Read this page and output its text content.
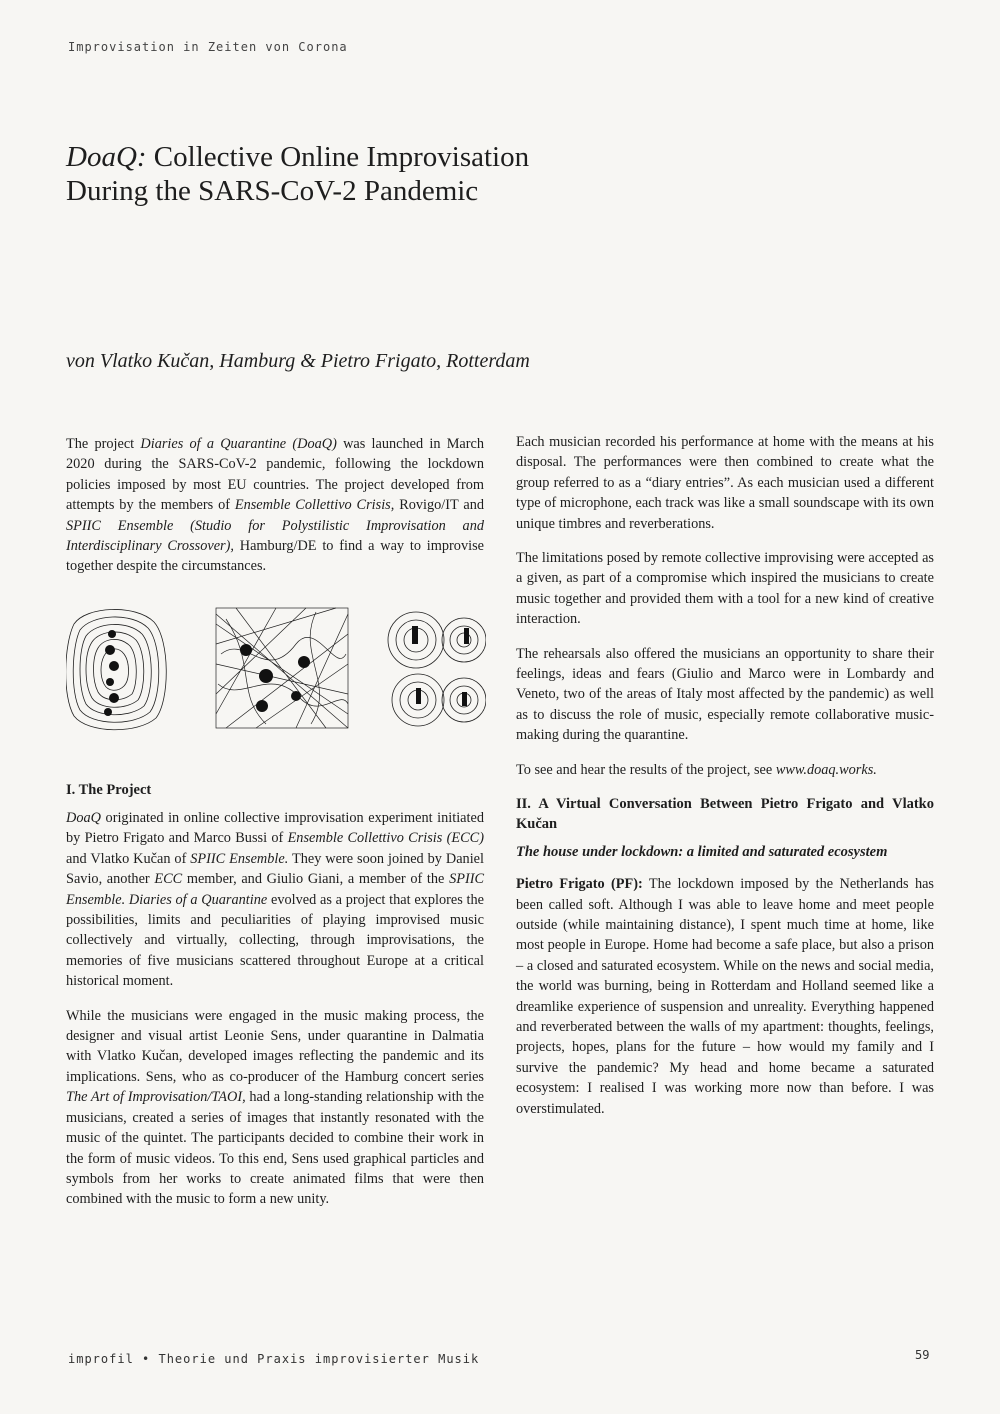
Improvisation in Zeiten von Corona
DoaQ: Collective Online Improvisation
During the SARS-CoV-2 Pandemic

von Vlatko Kučan, Hamburg & Pietro Frigato, Rotterdam

The project Diaries of a Quarantine (DoaQ) was launched in March 2020 during the SARS-CoV-2 pandemic, following the lockdown policies imposed by most EU countries. The project developed from attempts by the members of Ensemble Collettivo Crisis, Rovigo/IT and SPIIC Ensemble (Studio for Polystilistic Improvisation and Interdisciplinary Crossover), Hamburg/DE to find a way to improvise together despite the circumstances.

I. The Project

DoaQ originated in online collective improvisation experiment initiated by Pietro Frigato and Marco Bussi of Ensemble Collettivo Crisis (ECC) and Vlatko Kučan of SPIIC Ensemble. They were soon joined by Daniel Savio, another ECC member, and Giulio Giani, a member of the SPIIC Ensemble. Diaries of a Quarantine evolved as a project that explores the possibilities, limits and peculiarities of playing improvised music collectively and virtually, collecting, through improvisations, the memories of five musicians scattered throughout Europe at a critical historical moment.

While the musicians were engaged in the music making process, the designer and visual artist Leonie Sens, under quarantine in Dalmatia with Vlatko Kučan, developed images reflecting the pandemic and its implications. Sens, who as co-producer of the Hamburg concert series The Art of Improvisation/TAOI, had a long-standing relationship with the musicians, created a series of images that instantly resonated with the music of the quintet. The participants decided to combine their work in the form of music videos. To this end, Sens used graphical particles and symbols from her works to create animated films that were then combined with the music to form a new unity.

Each musician recorded his performance at home with the means at his disposal. The performances were then combined to create what the group referred to as a “diary entries”. As each musician used a different type of microphone, each track was like a small soundscape with its own unique timbres and reverberations.

The limitations posed by remote collective improvising were accepted as a given, as part of a compromise which inspired the musicians to create music together and provided them with a tool for a new kind of creative interaction.

The rehearsals also offered the musicians an opportunity to share their feelings, ideas and fears (Giulio and Marco were in Lombardy and Veneto, two of the areas of Italy most affected by the pandemic) as well as to discuss the role of music, especially remote collaborative music-making during the quarantine.

To see and hear the results of the project, see www.doaq.works.

II. A Virtual Conversation Between Pietro Frigato and Vlatko Kučan
The house under lockdown: a limited and saturated ecosystem

Pietro Frigato (PF): The lockdown imposed by the Netherlands has been called soft. Although I was able to leave home and meet people outside (while maintaining distance), I spent much time at home, like most people in Europe. Home had become a safe place, but also a prison – a closed and saturated ecosystem. While on the news and social media, the world was burning, being in Rotterdam and Holland seemed like a dreamlike experience of suspension and unreality. Everything happened and reverberated between the walls of my apartment: thoughts, feelings, projects, hopes, plans for the future – how would my family and I survive the pandemic? My head and home became a saturated ecosystem: I realised I was working more now than before. I was overstimulated.

improfil • Theorie und Praxis improvisierter Musik	59
